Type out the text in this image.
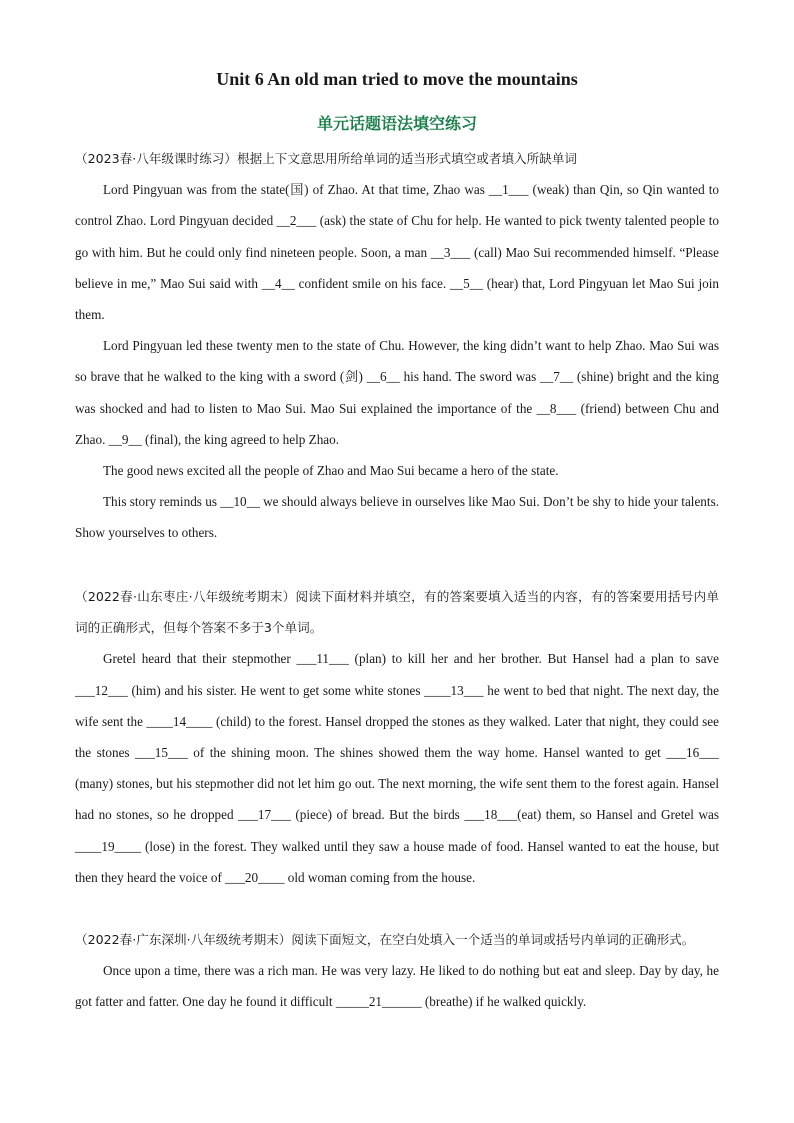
Unit 6 An old man tried to move the mountains
单元话题语法填空练习

（2023春·八年级课时练习）根据上下文意思用所给单词的适当形式填空或者填入所缺单词

Lord Pingyuan was from the state(国) of Zhao. At that time, Zhao was __1___ (weak) than Qin, so Qin wanted to control Zhao. Lord Pingyuan decided __2___ (ask) the state of Chu for help. He wanted to pick twenty talented people to go with him. But he could only find nineteen people. Soon, a man __3___ (call) Mao Sui recommended himself. “Please believe in me,” Mao Sui said with __4__ confident smile on his face. __5__ (hear) that, Lord Pingyuan let Mao Sui join them.

Lord Pingyuan led these twenty men to the state of Chu. However, the king didn’t want to help Zhao. Mao Sui was so brave that he walked to the king with a sword (剑) __6__ his hand. The sword was __7__ (shine) bright and the king was shocked and had to listen to Mao Sui. Mao Sui explained the importance of the __8___ (friend) between Chu and Zhao. __9__ (final), the king agreed to help Zhao.

The good news excited all the people of Zhao and Mao Sui became a hero of the state.

This story reminds us __10__ we should always believe in ourselves like Mao Sui. Don’t be shy to hide your talents. Show yourselves to others.

（2022春·山东枣庄·八年级统考期末）阅读下面材料并填空，有的答案要填入适当的内容，有的答案要用括号内单词的正确形式，但每个答案不多于3个单词。

Gretel heard that their stepmother ___11___ (plan) to kill her and her brother. But Hansel had a plan to save ___12___ (him) and his sister. He went to get some white stones ____13___ he went to bed that night. The next day, the wife sent the ____14____ (child) to the forest. Hansel dropped the stones as they walked. Later that night, they could see the stones ___15___ of the shining moon. The shines showed them the way home. Hansel wanted to get ___16___ (many) stones, but his stepmother did not let him go out. The next morning, the wife sent them to the forest again. Hansel had no stones, so he dropped ___17___ (piece) of bread. But the birds ___18___(eat) them, so Hansel and Gretel was ____19____ (lose) in the forest. They walked until they saw a house made of food. Hansel wanted to eat the house, but then they heard the voice of ___20____ old woman coming from the house.

（2022春·广东深圳·八年级统考期末）阅读下面短文，在空白处填入一个适当的单词或括号内单词的正确形式。

Once upon a time, there was a rich man. He was very lazy. He liked to do nothing but eat and sleep. Day by day, he got fatter and fatter. One day he found it difficult _____21______ (breathe) if he walked quickly.
